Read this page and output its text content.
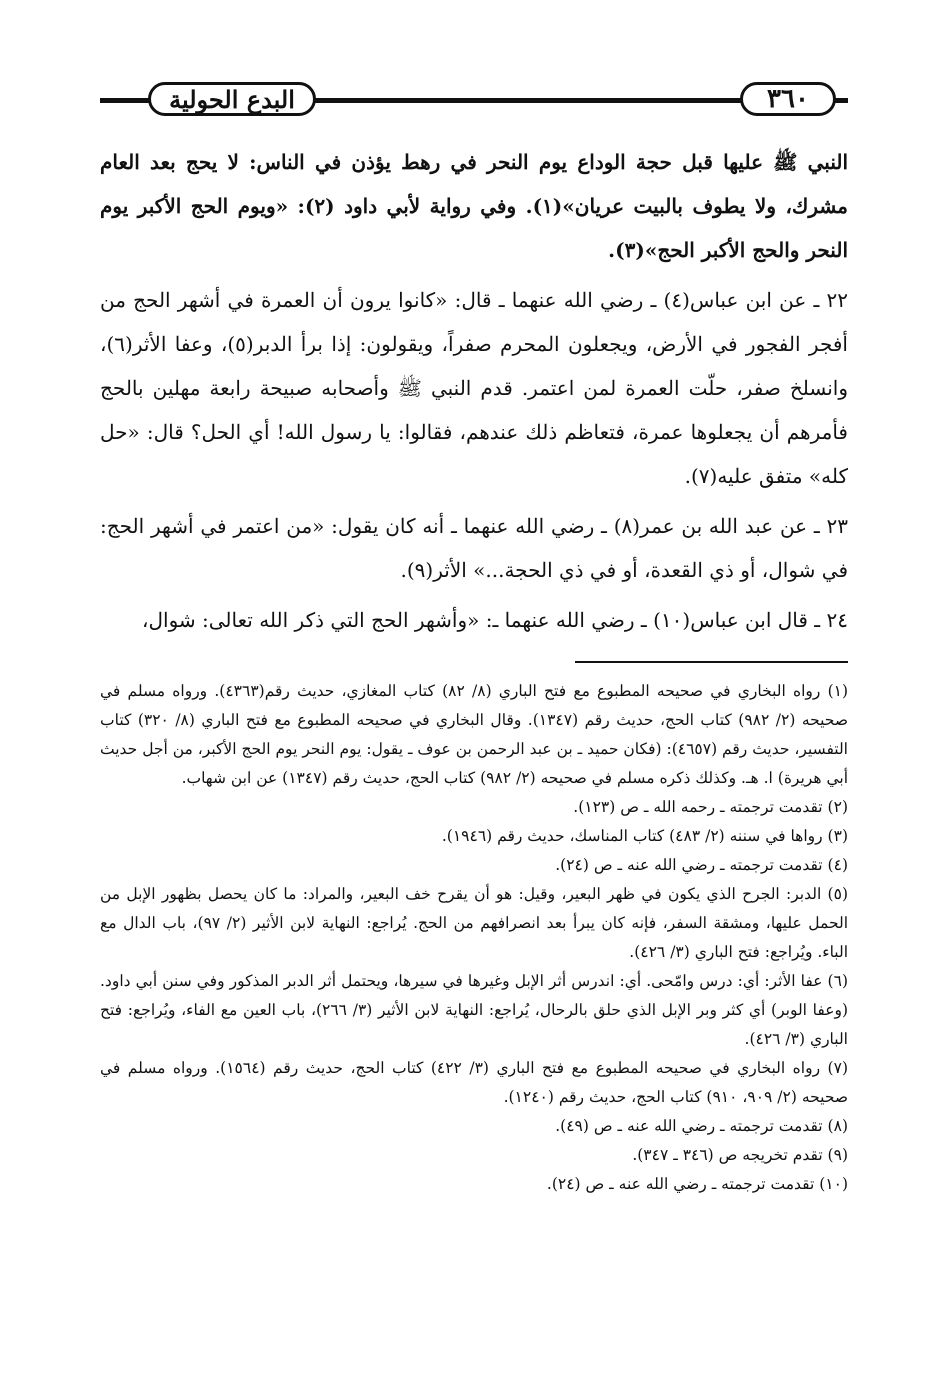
البدع الحولية	٣٦٠

النبي ﷺ عليها قبل حجة الوداع يوم النحر في رهط يؤذن في الناس: لا يحج بعد العام مشرك، ولا يطوف بالبيت عريان»(١). وفي رواية لأبي داود (٢): «ويوم الحج الأكبر يوم النحر والحج الأكبر الحج»(٣).

٢٢ ـ عن ابن عباس(٤) ـ رضي الله عنهما ـ قال: «كانوا يرون أن العمرة في أشهر الحج من أفجر الفجور في الأرض، ويجعلون المحرم صفراً، ويقولون: إذا برأ الدبر(٥)، وعفا الأثر(٦)، وانسلخ صفر، حلّت العمرة لمن اعتمر. قدم النبي ﷺ وأصحابه صبيحة رابعة مهلين بالحج فأمرهم أن يجعلوها عمرة، فتعاظم ذلك عندهم، فقالوا: يا رسول الله! أي الحل؟ قال: «حل كله» متفق عليه(٧).

٢٣ ـ عن عبد الله بن عمر(٨) ـ رضي الله عنهما ـ أنه كان يقول: «من اعتمر في أشهر الحج: في شوال، أو ذي القعدة، أو في ذي الحجة...» الأثر(٩).

٢٤ ـ قال ابن عباس(١٠) ـ رضي الله عنهما ـ: «وأشهر الحج التي ذكر الله تعالى: شوال،

(١) رواه البخاري في صحيحه المطبوع مع فتح الباري (٨/ ٨٢) كتاب المغازي، حديث رقم(٤٣٦٣). ورواه مسلم في صحيحه (٢/ ٩٨٢) كتاب الحج، حديث رقم (١٣٤٧). وقال البخاري في صحيحه المطبوع مع فتح الباري (٨/ ٣٢٠) كتاب التفسير، حديث رقم (٤٦٥٧): (فكان حميد ـ بن عبد الرحمن بن عوف ـ يقول: يوم النحر يوم الحج الأكبر، من أجل حديث أبي هريرة) ا. هـ. وكذلك ذكره مسلم في صحيحه (٢/ ٩٨٢) كتاب الحج، حديث رقم (١٣٤٧) عن ابن شهاب.

(٢) تقدمت ترجمته ـ رحمه الله ـ ص (١٢٣).

(٣) رواها في سننه (٢/ ٤٨٣) كتاب المناسك، حديث رقم (١٩٤٦).

(٤) تقدمت ترجمته ـ رضي الله عنه ـ ص (٢٤).

(٥) الدبر: الجرح الذي يكون في ظهر البعير، وقيل: هو أن يقرح خف البعير، والمراد: ما كان يحصل بظهور الإبل من الحمل عليها، ومشقة السفر، فإنه كان يبرأ بعد انصرافهم من الحج. يُراجع: النهاية لابن الأثير (٢/ ٩٧)، باب الدال مع الباء. ويُراجع: فتح الباري (٣/ ٤٢٦).

(٦) عفا الأثر: أي: درس وامّحى. أي: اندرس أثر الإبل وغيرها في سيرها، ويحتمل أثر الدبر المذكور وفي سنن أبي داود. (وعفا الوبر) أي كثر وبر الإبل الذي حلق بالرحال، يُراجع: النهاية لابن الأثير (٣/ ٢٦٦)، باب العين مع الفاء، ويُراجع: فتح الباري (٣/ ٤٢٦).

(٧) رواه البخاري في صحيحه المطبوع مع فتح الباري (٣/ ٤٢٢) كتاب الحج، حديث رقم (١٥٦٤). ورواه مسلم في صحيحه (٢/ ٩٠٩، ٩١٠) كتاب الحج، حديث رقم (١٢٤٠).

(٨) تقدمت ترجمته ـ رضي الله عنه ـ ص (٤٩).

(٩) تقدم تخريجه ص (٣٤٦ ـ ٣٤٧).

(١٠) تقدمت ترجمته ـ رضي الله عنه ـ ص (٢٤).
